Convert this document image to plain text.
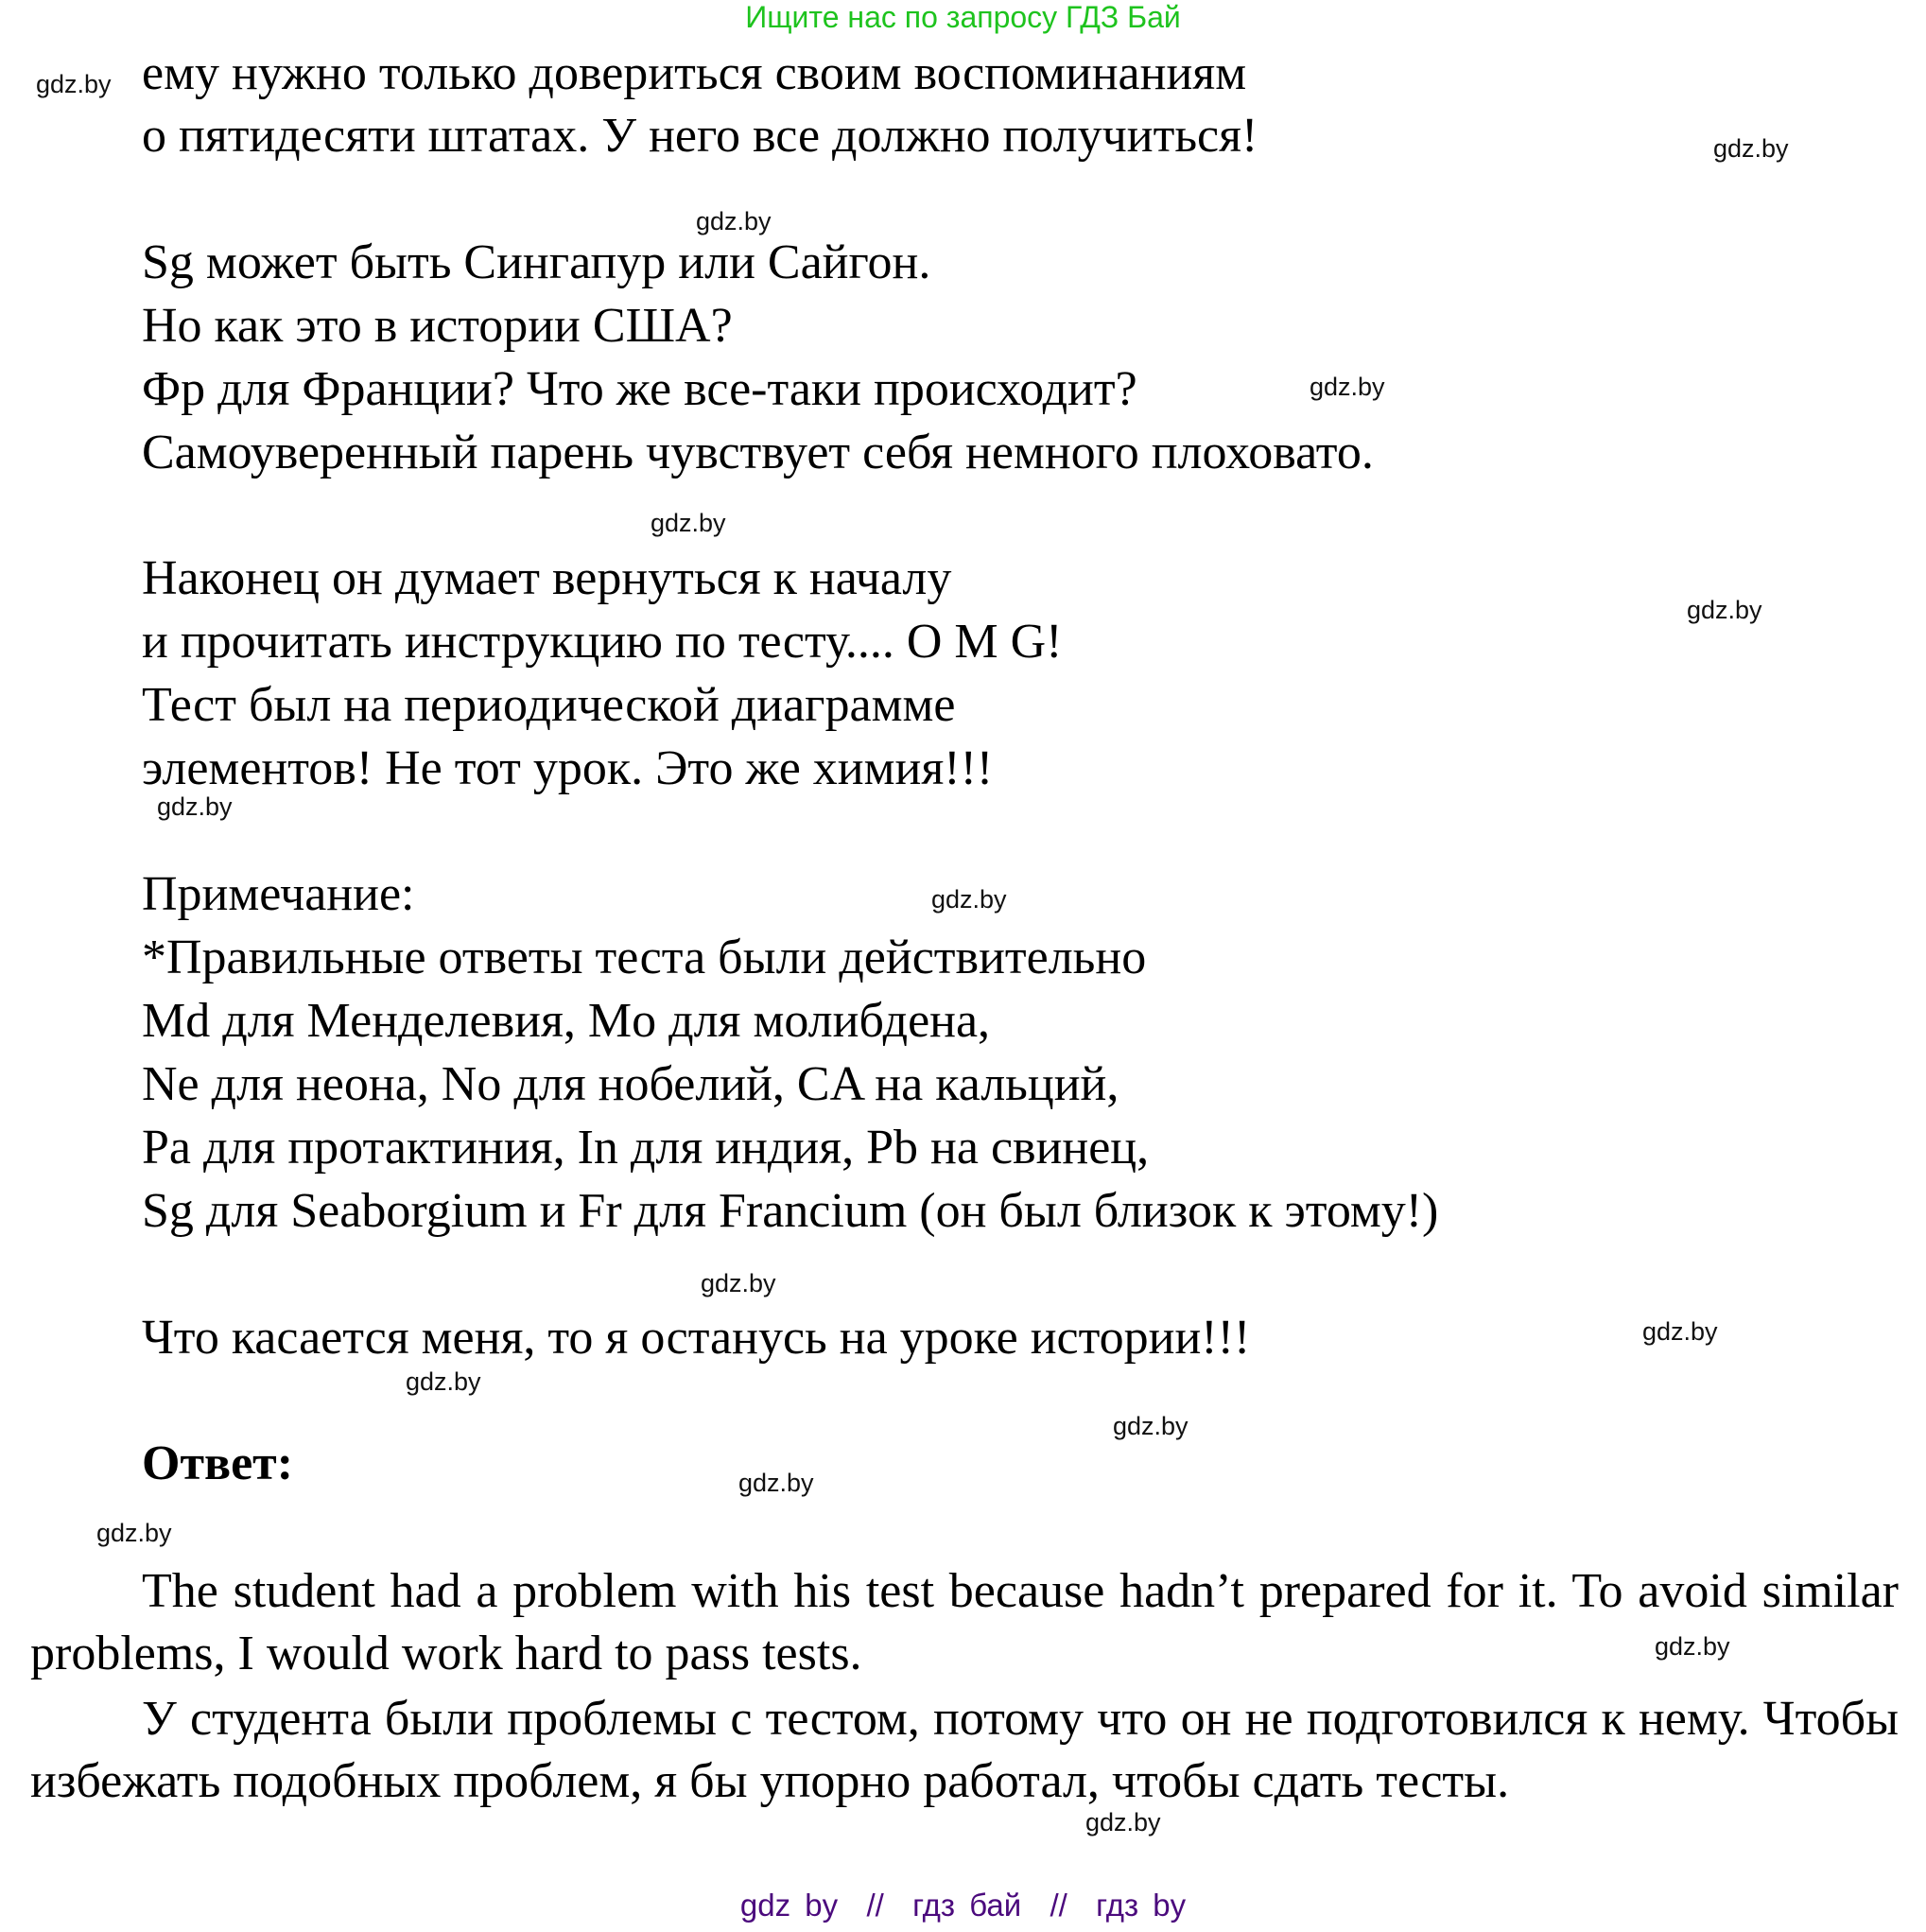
Ищите нас по запросу ГДЗ Бай
ему нужно только довериться своим воспоминаниям
о пятидесяти штатах. У него все должно получиться!
Sg может быть Сингапур или Сайгон.
Но как это в истории США?
Фр для Франции? Что же все-таки происходит?
Самоуверенный парень чувствует себя немного плоховато.
Наконец он думает вернуться к началу
и прочитать инструкцию по тесту.... O M G!
Тест был на периодической диаграмме
элементов! Не тот урок. Это же химия!!!
Примечание:
*Правильные ответы теста были действительно
Md для Менделевия, Mo для молибдена,
Ne для неона, No для нобелий, CA на кальций,
Pa для протактиния, In для индия, Pb на свинец,
Sg для Seaborgium и Fr для Francium (он был близок к этому!)
Что касается меня, то я останусь на уроке истории!!!
Ответ:
The student had a problem with his test because hadn’t prepared for it. To avoid similar problems, I would work hard to pass tests.
У студента были проблемы с тестом, потому что он не подготовился к нему. Чтобы избежать подобных проблем, я бы упорно работал, чтобы сдать тесты.
gdz.by
gdz.by
gdz.by
gdz.by
gdz.by
gdz.by
gdz.by
gdz.by
gdz.by
gdz.by
gdz.by
gdz.by
gdz.by
gdz.by
gdz.by
gdz.by
gdz by  //  гдз бай  //  гдз by
